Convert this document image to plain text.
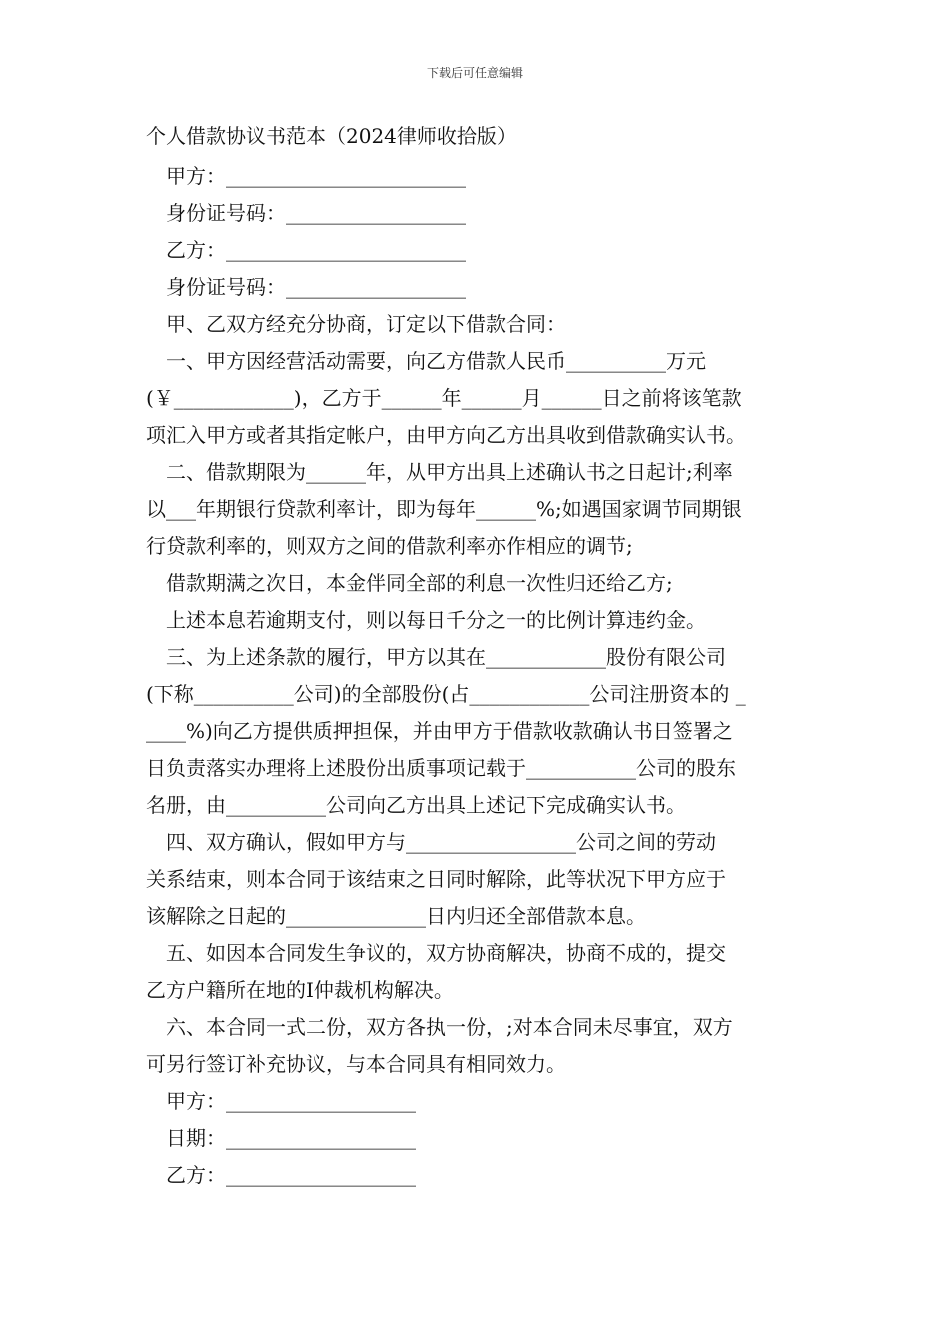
下载后可任意编辑
个人借款协议书范本（2024律师收拾版）
甲方：________________________
身份证号码：__________________
乙方：________________________
身份证号码：__________________
甲、乙双方经充分协商，订定以下借款合同：
一、甲方因经营活动需要，向乙方借款人民币__________万元
(￥____________)，乙方于______年______月______日之前将该笔款
项汇入甲方或者其指定帐户，由甲方向乙方出具收到借款确实认书。
二、借款期限为______年，从甲方出具上述确认书之日起计;利率
以___年期银行贷款利率计，即为每年______%;如遇国家调节同期银
行贷款利率的，则双方之间的借款利率亦作相应的调节;
借款期满之次日，本金伴同全部的利息一次性归还给乙方;
上述本息若逾期支付，则以每日千分之一的比例计算违约金。
三、为上述条款的履行，甲方以其在____________股份有限公司
(下称__________公司)的全部股份(占____________公司注册资本的 _
____%)向乙方提供质押担保，并由甲方于借款收款确认书日签署之
日负责落实办理将上述股份出质事项记载于___________公司的股东
名册，由__________公司向乙方出具上述记下完成确实认书。
四、双方确认，假如甲方与_________________公司之间的劳动
关系结束，则本合同于该结束之日同时解除，此等状况下甲方应于
该解除之日起的______________日内归还全部借款本息。
五、如因本合同发生争议的，双方协商解决，协商不成的，提交
乙方户籍所在地的I仲裁机构解决。
六、本合同一式二份，双方各执一份，;对本合同未尽事宜，双方
可另行签订补充协议，与本合同具有相同效力。
甲方：___________________
日期：___________________
乙方：___________________
